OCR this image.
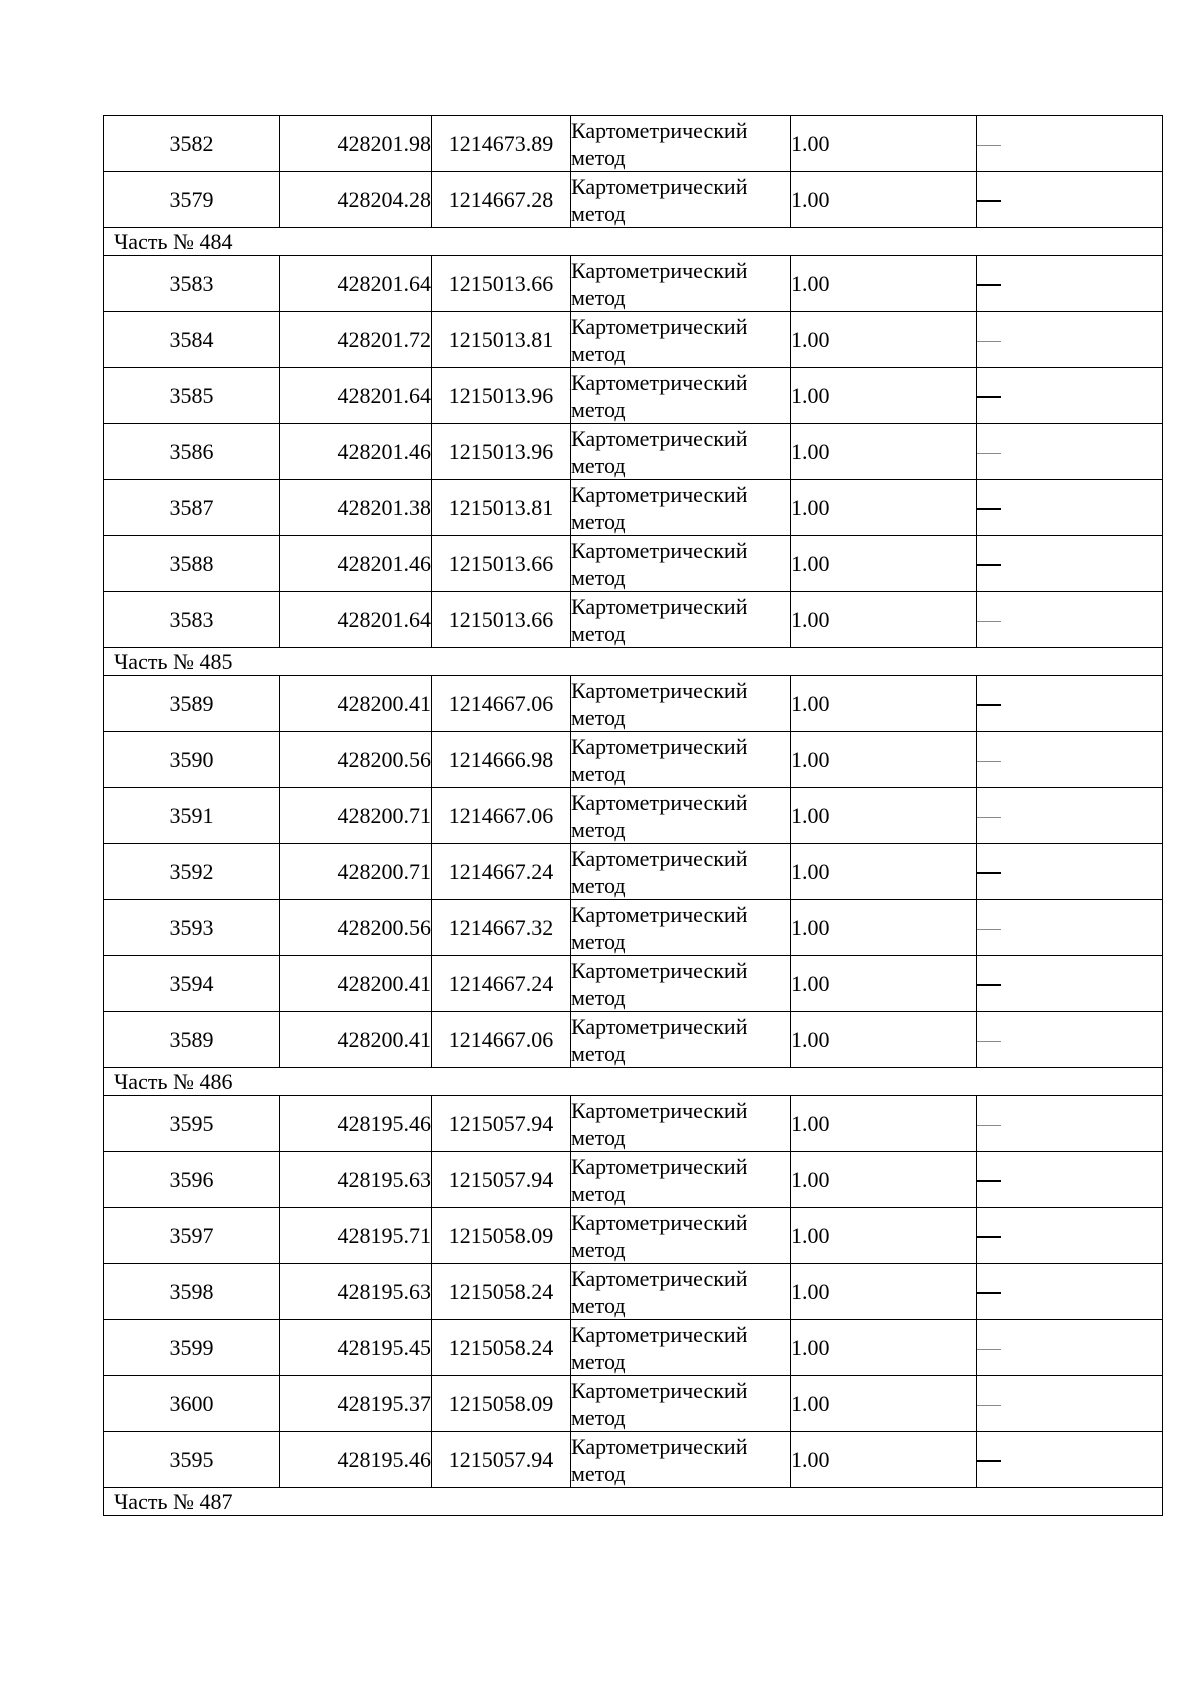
3582	428201.98	1214673.89	Картометрический метод	1.00	
3579	428204.28	1214667.28	Картометрический метод	1.00	
Часть № 484					
3583	428201.64	1215013.66	Картометрический метод	1.00	
3584	428201.72	1215013.81	Картометрический метод	1.00	
3585	428201.64	1215013.96	Картометрический метод	1.00	
3586	428201.46	1215013.96	Картометрический метод	1.00	
3587	428201.38	1215013.81	Картометрический метод	1.00	
3588	428201.46	1215013.66	Картометрический метод	1.00	
3583	428201.64	1215013.66	Картометрический метод	1.00	
Часть № 485					
3589	428200.41	1214667.06	Картометрический метод	1.00	
3590	428200.56	1214666.98	Картометрический метод	1.00	
3591	428200.71	1214667.06	Картометрический метод	1.00	
3592	428200.71	1214667.24	Картометрический метод	1.00	
3593	428200.56	1214667.32	Картометрический метод	1.00	
3594	428200.41	1214667.24	Картометрический метод	1.00	
3589	428200.41	1214667.06	Картометрический метод	1.00	
Часть № 486					
3595	428195.46	1215057.94	Картометрический метод	1.00	
3596	428195.63	1215057.94	Картометрический метод	1.00	
3597	428195.71	1215058.09	Картометрический метод	1.00	
3598	428195.63	1215058.24	Картометрический метод	1.00	
3599	428195.45	1215058.24	Картометрический метод	1.00	
3600	428195.37	1215058.09	Картометрический метод	1.00	
3595	428195.46	1215057.94	Картометрический метод	1.00	
Часть № 487					
